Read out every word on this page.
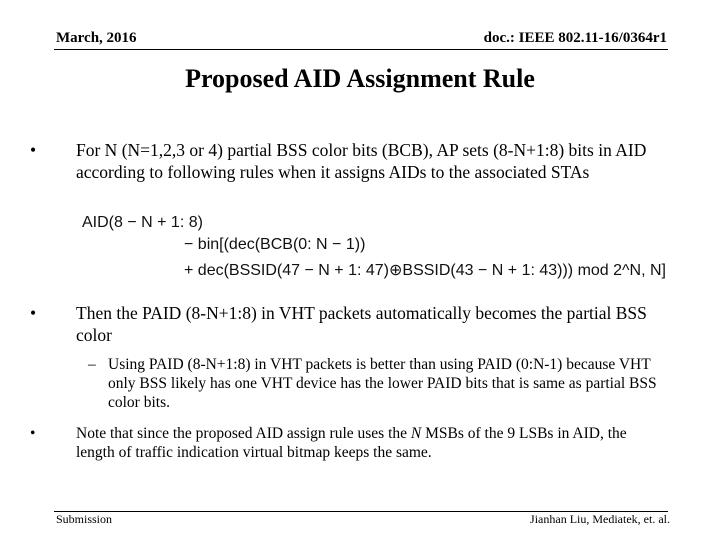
March, 2016	doc.: IEEE 802.11-16/0364r1
Proposed AID Assignment Rule
• For N (N=1,2,3 or 4) partial BSS color bits (BCB), AP sets (8-N+1:8) bits in AID according to following rules when it assigns AIDs to the associated STAs
AID(8 − N + 1: 8)
− bin[(dec(BCB(0: N − 1))
+ dec(BSSID(47 − N + 1: 47)⊕BSSID(43 − N + 1: 43))) mod 2^N, N]
• Then the PAID (8-N+1:8) in VHT packets automatically becomes the partial BSS color
– Using PAID (8-N+1:8) in VHT packets is better than using PAID (0:N-1) because VHT only BSS likely has one VHT device has the lower PAID bits that is same as partial BSS color bits.
•	Note that since the proposed AID assign rule uses the N MSBs of the 9 LSBs in AID, the length of traffic indication virtual bitmap keeps the same.
Submission	Jianhan Liu, Mediatek, et. al.
